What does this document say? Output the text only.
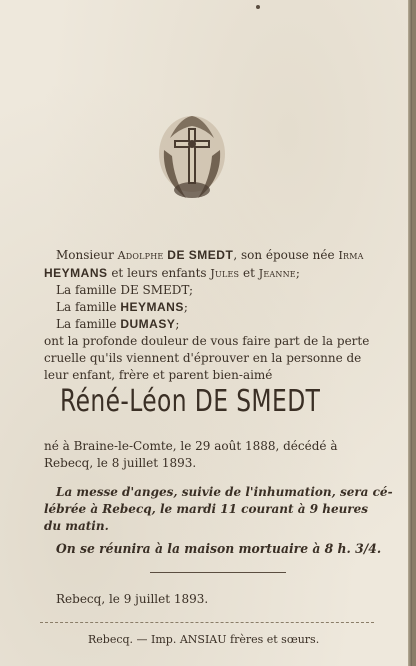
Monsieur Adolphe DE SMEDT, son épouse née Irma
HEYMANS et leurs enfants Jules et Jeanne;
La famille DE SMEDT;
La famille HEYMANS;
La famille DUMASY;
ont la profonde douleur de vous faire part de la perte
cruelle qu'ils viennent d'éprouver en la personne de
leur enfant, frère et parent bien-aimé
Réné-Léon DE SMEDT
né à Braine-le-Comte, le 29 août 1888, décédé à
Rebecq, le 8 juillet 1893.
La messe d'anges, suivie de l'inhumation, sera cé-
lébrée à Rebecq, le mardi 11 courant à 9 heures
du matin.
On se réunira à la maison mortuaire à 8 h. 3/4.
Rebecq, le 9 juillet 1893.
Rebecq. — Imp. ANSIAU frères et sœurs.
